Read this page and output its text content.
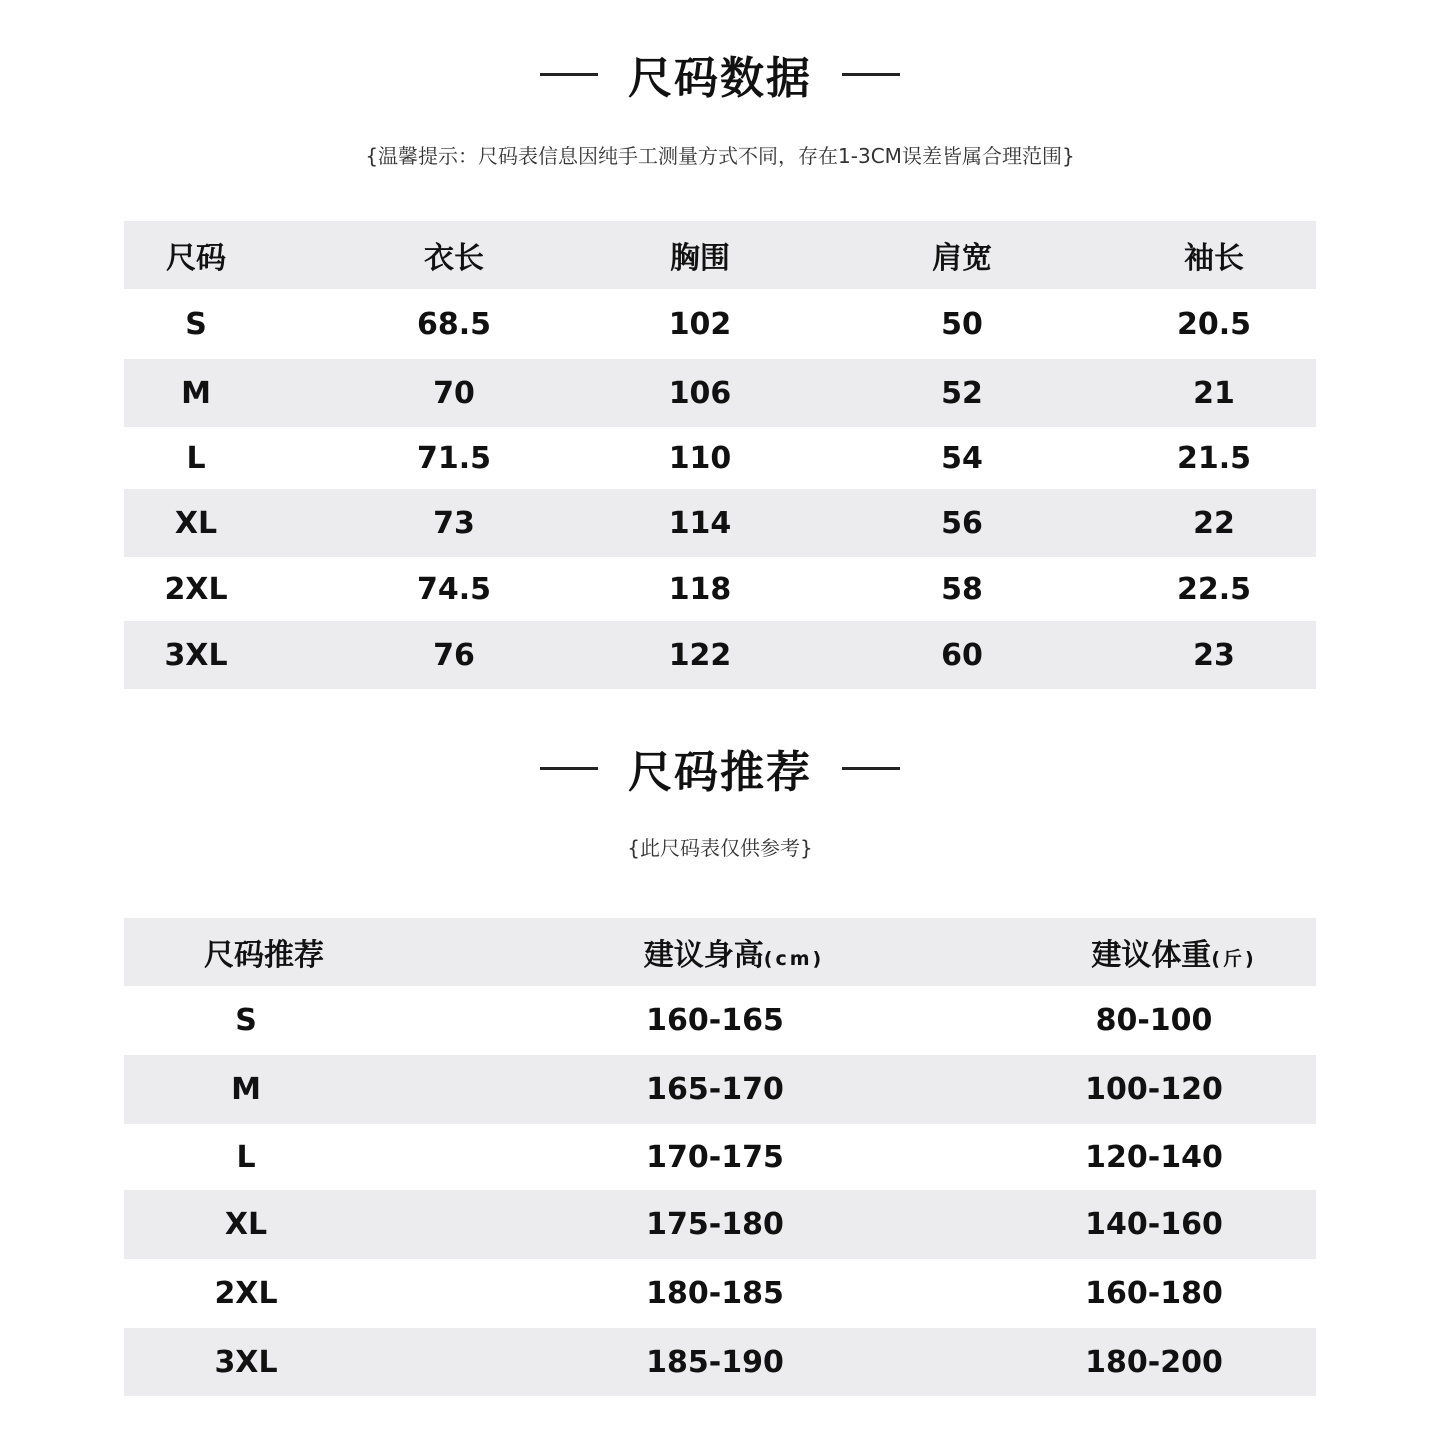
尺码数据
{温馨提示：尺码表信息因纯手工测量方式不同，存在1-3CM误差皆属合理范围}
尺码	衣长	胸围	肩宽	袖长
S	68.5	102	50	20.5
M	70	106	52	21
L	71.5	110	54	21.5
XL	73	114	56	22
2XL	74.5	118	58	22.5
3XL	76	122	60	23
尺码推荐
{此尺码表仅供参考}
尺码推荐	建议身高(cm)	建议体重(斤)
S	160-165	80-100
M	165-170	100-120
L	170-175	120-140
XL	175-180	140-160
2XL	180-185	160-180
3XL	185-190	180-200
